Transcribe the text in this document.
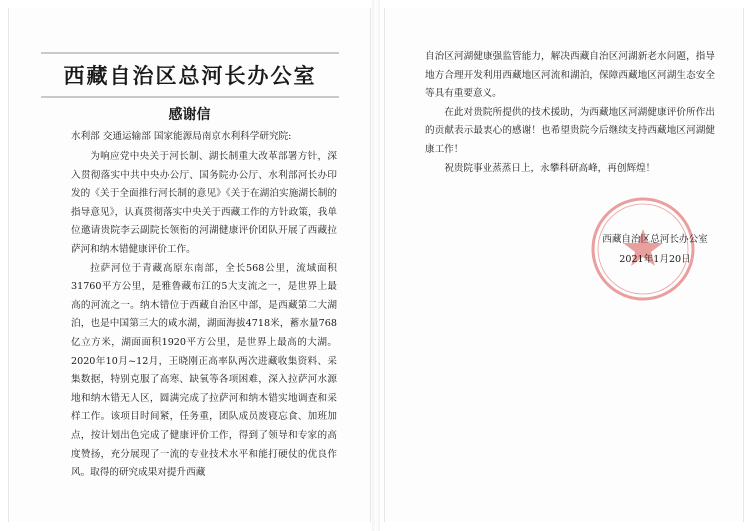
西藏自治区总河长办公室
感谢信
水利部 交通运输部 国家能源局南京水利科学研究院:

为响应党中央关于河长制、湖长制重大改革部署方针，深入贯彻落实中共中央办公厅、国务院办公厅、水利部河长办印发的《关于全面推行河长制的意见》《关于在湖泊实施湖长制的指导意见》，认真贯彻落实中央关于西藏工作的方针政策，我单位邀请贵院李云副院长领衔的河湖健康评价团队开展了西藏拉萨河和纳木错健康评价工作。

拉萨河位于青藏高原东南部，全长568公里，流域面积31760平方公里，是雅鲁藏布江的5大支流之一，是世界上最高的河流之一。纳木错位于西藏自治区中部，是西藏第二大湖泊，也是中国第三大的咸水湖，湖面海拔4718米，蓄水量768亿立方米，湖面面积1920平方公里，是世界上最高的大湖。2020年10月~12月，王晓刚正高率队两次进藏收集资料、采集数据，特别克服了高寒、缺氧等各项困难，深入拉萨河水源地和纳木错无人区，圆满完成了拉萨河和纳木错实地调查和采样工作。该项目时间紧，任务重，团队成员废寝忘食、加班加点，按计划出色完成了健康评价工作，得到了领导和专家的高度赞扬，充分展现了一流的专业技术水平和能打硬仗的优良作风。取得的研究成果对提升西藏

自治区河湖健康强监管能力，解决西藏自治区河湖新老水问题，指导地方合理开发利用西藏地区河流和湖泊，保障西藏地区河湖生态安全等具有重要意义。

在此对贵院所提供的技术援助，为西藏地区河湖健康评价所作出的贡献表示最衷心的感谢！也希望贵院今后继续支持西藏地区河湖健康工作！

祝贵院事业蒸蒸日上，永攀科研高峰，再创辉煌！

西藏自治区总河长办公室
2021年1月20日
